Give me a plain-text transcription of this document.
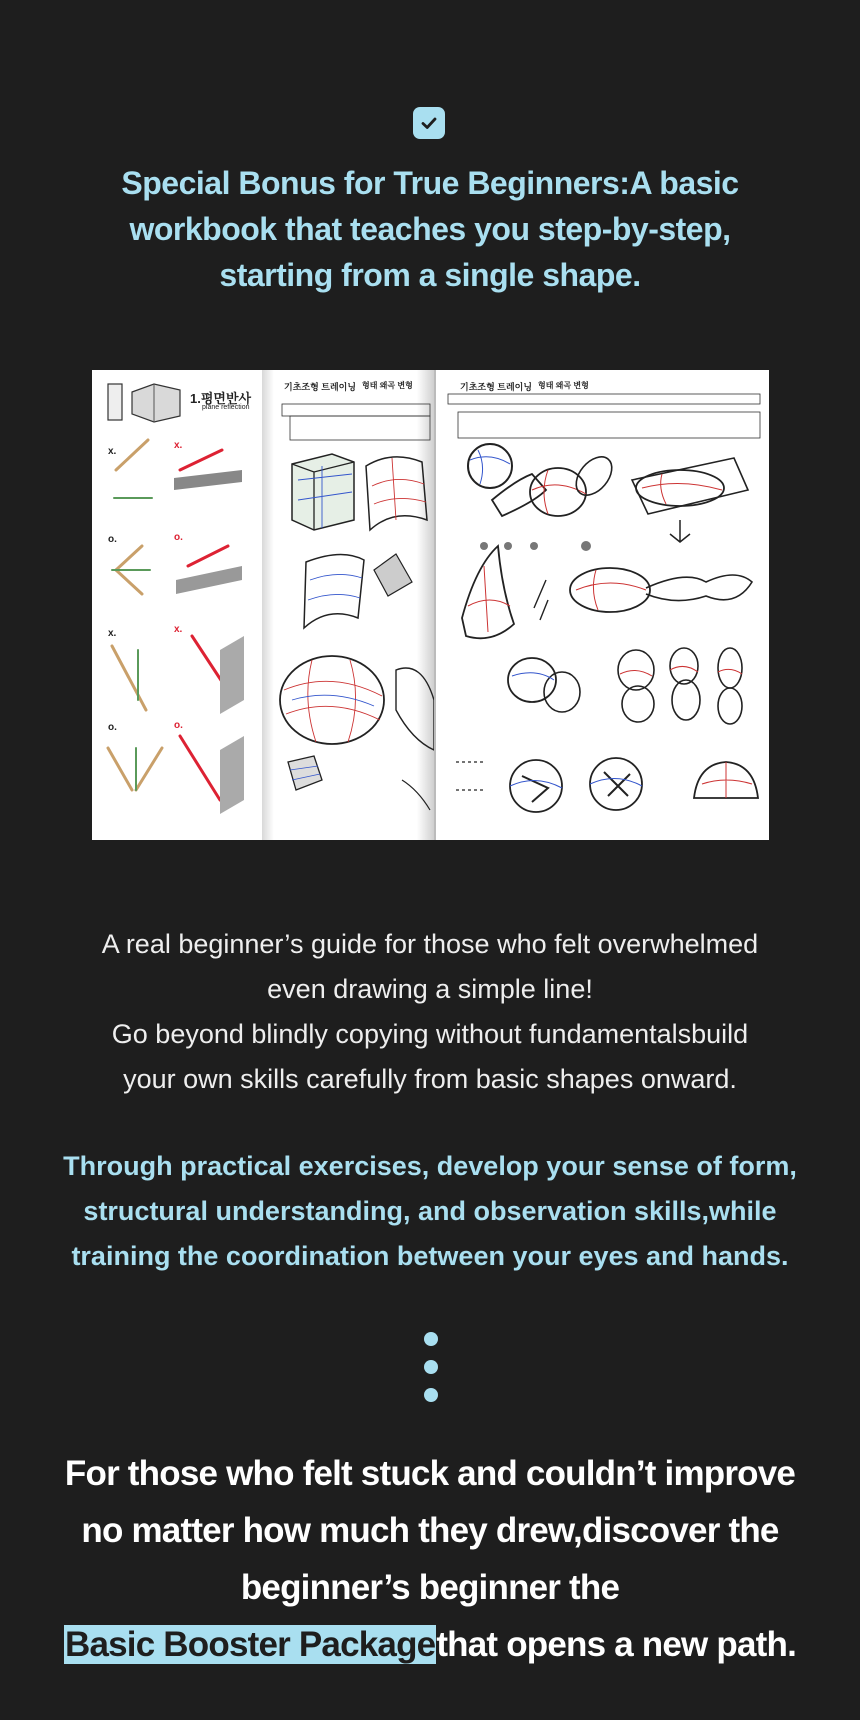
Special Bonus for True Beginners:A basic
workbook that teaches you step-by-step,
starting from a single shape.
1.평면반사
plane reflection
x.
x.
o.	o.
x.	x.
o.	o.
기초조형 트레이닝 형태 왜곡 변형	기초조형 트레이닝 형태 왜곡 변형
A real beginner’s guide for those who felt overwhelmed
even drawing a simple line!
Go beyond blindly copying without fundamentalsbuild
your own skills carefully from basic shapes onward.
Through practical exercises, develop your sense of form,
structural understanding, and observation skills,while
training the coordination between your eyes and hands.
For those who felt stuck and couldn’t improve
no matter how much they drew,discover the
beginner’s beginner the
Basic Booster Packagethat opens a new path.
